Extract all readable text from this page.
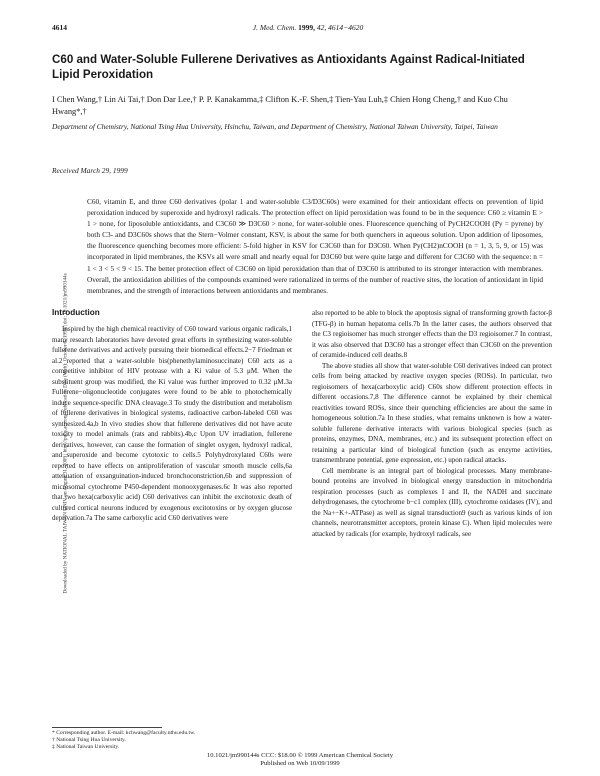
4614	J. Med. Chem. 1999, 42, 4614−4620
C60 and Water-Soluble Fullerene Derivatives as Antioxidants Against Radical-Initiated Lipid Peroxidation
I Chen Wang,† Lin Ai Tai,† Don Dar Lee,† P. P. Kanakamma,‡ Clifton K.-F. Shen,‡ Tien-Yau Luh,‡ Chien Hong Cheng,† and Kuo Chu Hwang*,†
Department of Chemistry, National Tsing Hua University, Hsinchu, Taiwan, and Department of Chemistry, National Taiwan University, Taipei, Taiwan
Received March 29, 1999

C60, vitamin E, and three C60 derivatives (polar 1 and water-soluble C3/D3C60s) were examined for their antioxidant effects on prevention of lipid peroxidation induced by superoxide and hydroxyl radicals. The protection effect on lipid peroxidation was found to be in the sequence: C60 ≥ vitamin E > 1 > none, for liposoluble antioxidants, and C3C60 ≫ D3C60 > none, for water-soluble ones. Fluorescence quenching of PyCH2COOH (Py = pyrene) by both C3- and D3C60s shows that the Stern−Volmer constant, KSV, is about the same for both quenchers in aqueous solution. Upon addition of liposomes, the fluorescence quenching becomes more efficient: 5-fold higher in KSV for C3C60 than for D3C60. When Py(CH2)nCOOH (n = 1, 3, 5, 9, or 15) was incorporated in lipid membranes, the KSVs all were small and nearly equal for D3C60 but were quite large and different for C3C60 with the sequence: n = 1 < 3 < 5 < 9 < 15. The better protection effect of C3C60 on lipid peroxidation than that of D3C60 is attributed to its stronger interaction with membranes. Overall, the antioxidation abilities of the compounds examined were rationalized in terms of the number of reactive sites, the location of antioxidant in lipid membranes, and the strength of interactions between antioxidants and membranes.

Downloaded by NATIONAL TAIWAN UNIV on August 31, 2009 | http://pubs.acs.org Publication Date (Web): October 9, 1999 | doi: 10.1021/jm990144s
Introduction

Inspired by the high chemical reactivity of C60 toward various organic radicals,1 many research laboratories have devoted great efforts in synthesizing water-soluble fullerene derivatives and actively pursuing their biomedical effects.2−7 Friedman et al.2 reported that a water-soluble bis(phenethylaminosuccinate) C60 acts as a competitive inhibitor of HIV protease with a Ki value of 5.3 μM. When the substituent group was modified, the Ki value was further improved to 0.32 μM.3a Fullerene−oligonucleotide conjugates were found to be able to photochemically induce sequence-specific DNA cleavage.3 To study the distribution and metabolism of fullerene derivatives in biological systems, radioactive carbon-labeled C60 was synthesized.4a,b In vivo studies show that fullerene derivatives did not have acute toxicity to model animals (rats and rabbits).4b,c Upon UV irradiation, fullerene derivatives, however, can cause the formation of singlet oxygen, hydroxyl radical, and superoxide and become cytotoxic to cells.5 Polyhydroxylated C60s were reported to have effects on antiproliferation of vascular smooth muscle cells,6a attenuation of exsanguination-induced bronchoconstriction,6b and suppression of microsomal cytochrome P450-dependent monooxygenases.6c It was also reported that two hexa(carboxylic acid) C60 derivatives can inhibit the excitotoxic death of cultured cortical neurons induced by exogenous excitotoxins or by oxygen glucose deprivation.7a The same carboxylic acid C60 derivatives were

also reported to be able to block the apoptosis signal of transforming growth factor-β (TFG-β) in human hepatoma cells.7b In the latter cases, the authors observed that the C3 regioisomer has much stronger effects than the D3 regioisomer.7 In contrast, it was also observed that D3C60 has a stronger effect than C3C60 on the prevention of ceramide-induced cell deaths.8

The above studies all show that water-soluble C60 derivatives indeed can protect cells from being attacked by reactive oxygen species (ROSs). In particular, two regioisomers of hexa(carboxylic acid) C60s show different protection effects in different occasions.7,8 The difference cannot be explained by their chemical reactivities toward ROSs, since their quenching efficiencies are about the same in homogeneous solution.7a In these studies, what remains unknown is how a water-soluble fullerene derivative interacts with various biological species (such as proteins, enzymes, DNA, membranes, etc.) and its subsequent protection effect on retaining a particular kind of biological function (such as enzyme activities, transmembrane potential, gene expression, etc.) upon radical attacks.

Cell membrane is an integral part of biological processes. Many membrane-bound proteins are involved in biological energy transduction in mitochondria respiration processes (such as complexes I and II, the NADH and succinate dehydrogenases, the cytochrome b−c1 complex (III), cytochrome oxidases (IV), and the Na+−K+-ATPase) as well as signal transduction9 (such as various kinds of ion channels, neurotransmitter acceptors, protein kinase C). When lipid molecules were attacked by radicals (for example, hydroxyl radicals, see

* Corresponding author. E-mail: kchwang@faculty.nthu.edu.tw.
† National Tsing Hua University.
‡ National Taiwan University.
10.1021/jm990144s CCC: $18.00 © 1999 American Chemical Society
Published on Web 10/09/1999
